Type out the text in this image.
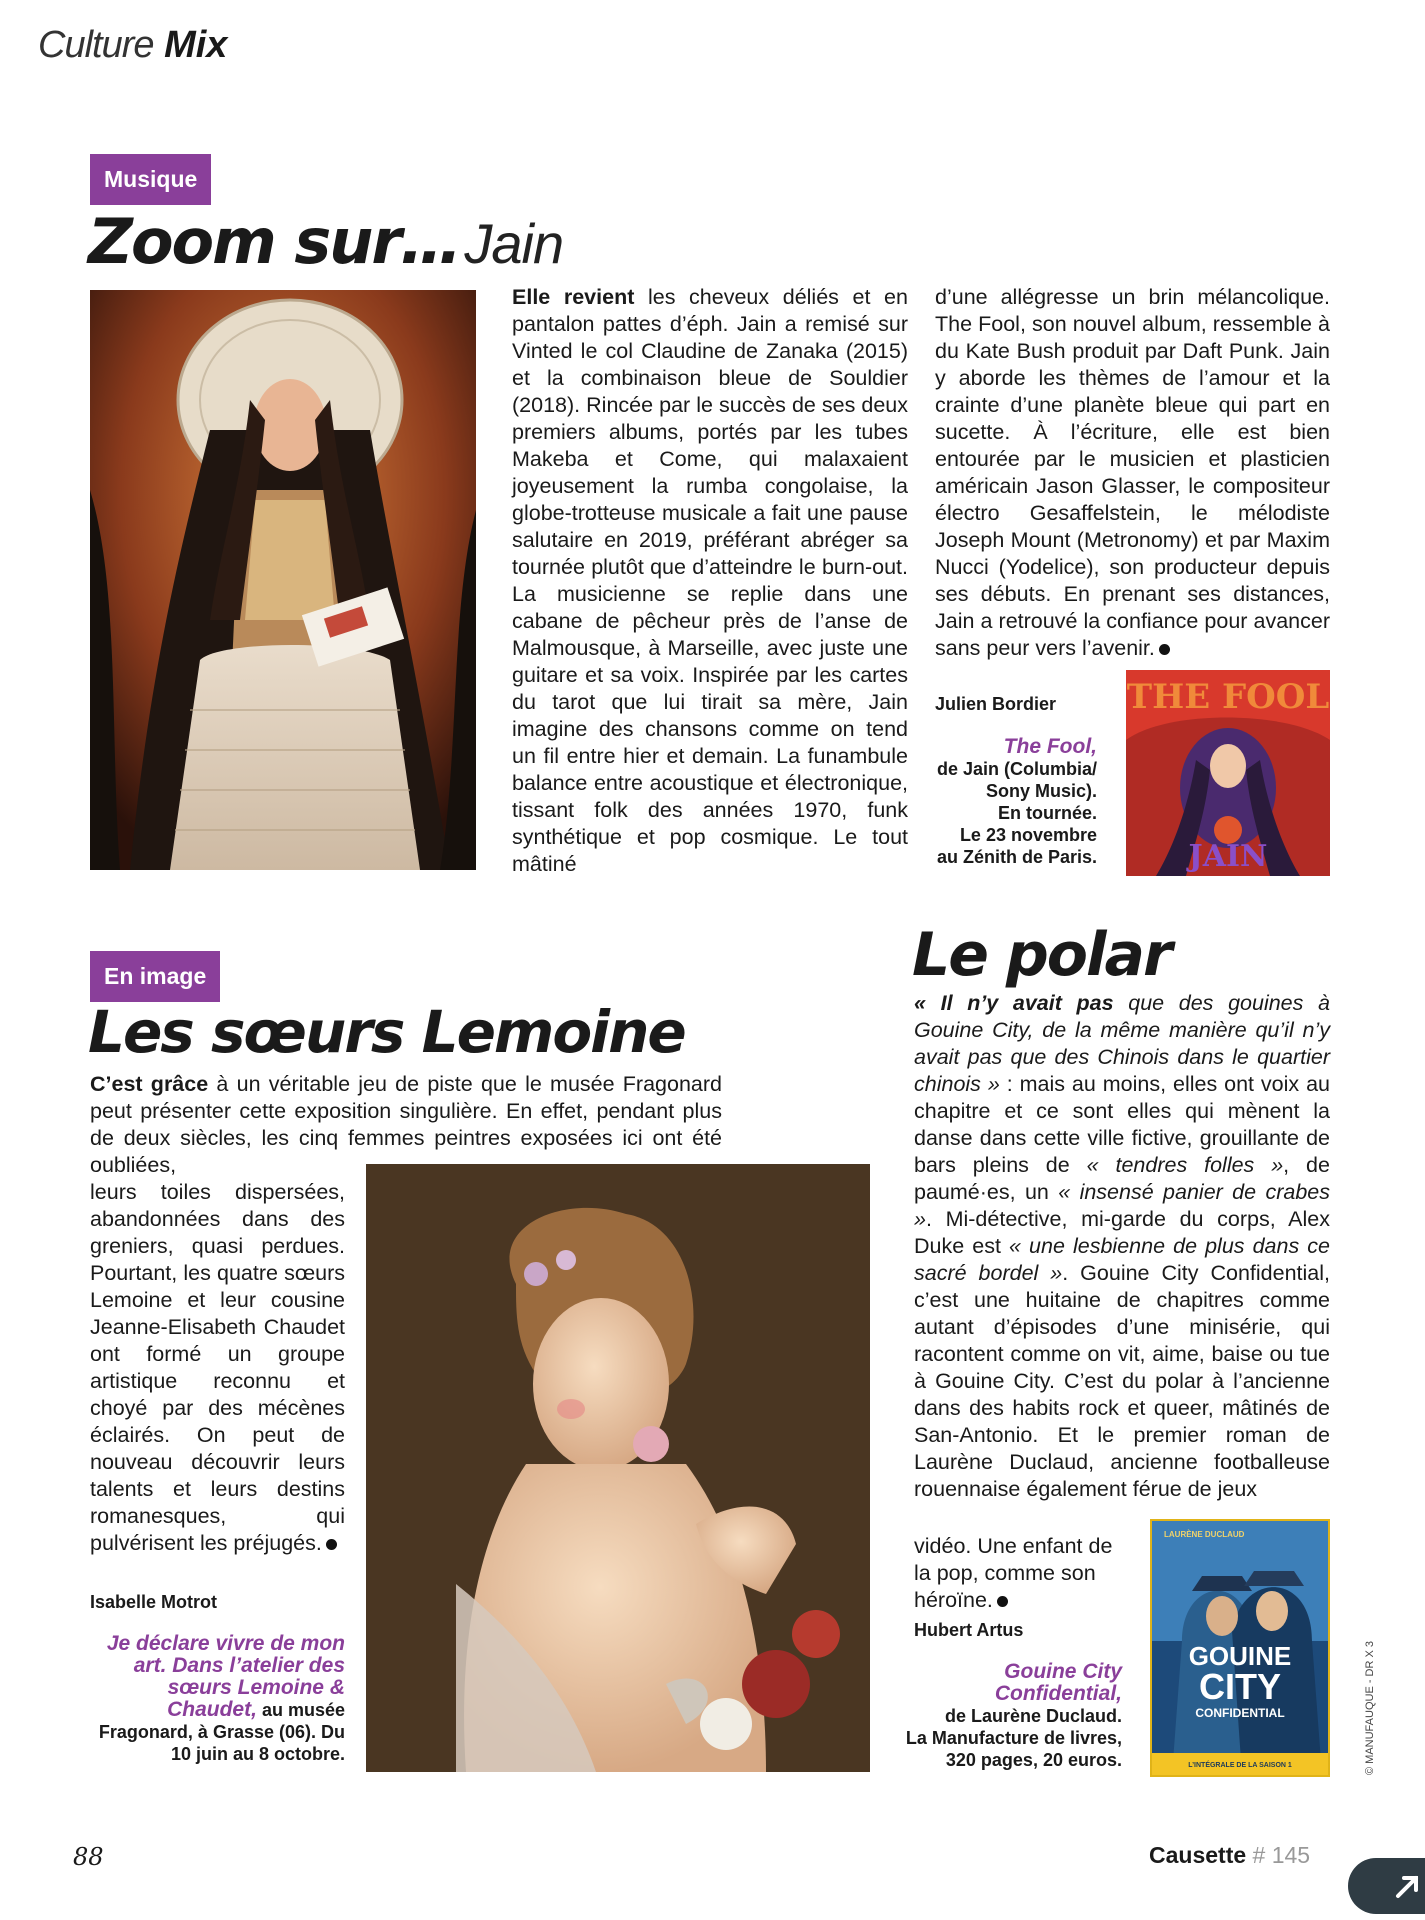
Culture Mix
Musique
Zoom sur… Jain
Elle revient les cheveux déliés et en pantalon pattes d’éph. Jain a remisé sur Vinted le col Claudine de Zanaka (2015) et la combinaison bleue de Souldier (2018). Rincée par le succès de ses deux premiers albums, portés par les tubes Makeba et Come, qui malaxaient joyeusement la rumba congolaise, la globe-trotteuse musicale a fait une pause salutaire en 2019, préférant abréger sa tournée plutôt que d’atteindre le burn-out. La musicienne se replie dans une cabane de pêcheur près de l’anse de Malmousque, à Marseille, avec juste une guitare et sa voix. Inspirée par les cartes du tarot que lui tirait sa mère, Jain imagine des chansons comme on tend un fil entre hier et demain. La funambule balance entre acoustique et électronique, tissant folk des années 1970, funk synthétique et pop cosmique. Le tout mâtiné
d’une allégresse un brin mélancolique. The Fool, son nouvel album, ressemble à du Kate Bush produit par Daft Punk. Jain y aborde les thèmes de l’amour et la crainte d’une planète bleue qui part en sucette. À l’écriture, elle est bien entourée par le musicien et plasticien américain Jason Glasser, le compositeur électro Gesaffelstein, le mélodiste Joseph Mount (Metronomy) et par Maxim Nucci (Yodelice), son producteur depuis ses débuts. En prenant ses distances, Jain a retrouvé la confiance pour avancer sans peur vers l’avenir.
Julien Bordier
The Fool,
de Jain (Columbia/
Sony Music).
En tournée.
Le 23 novembre
au Zénith de Paris.
THE FOOL
JAIN
En image
Les sœurs Lemoine
C’est grâce à un véritable jeu de piste que le musée Fragonard peut présenter cette exposition singulière. En effet, pendant plus de deux siècles, les cinq femmes peintres exposées ici ont été oubliées,
leurs toiles dispersées, abandonnées dans des greniers, quasi perdues. Pourtant, les quatre sœurs Lemoine et leur cousine Jeanne-Elisabeth Chaudet ont formé un groupe artistique reconnu et choyé par des mécènes éclairés. On peut de nouveau découvrir leurs talents et leurs destins romanesques, qui pulvérisent les préjugés.
Isabelle Motrot
Je déclare vivre de mon art. Dans l’atelier des sœurs Lemoine & Chaudet, au musée Fragonard, à Grasse (06). Du 10 juin au 8 octobre.
Le polar
« Il n’y avait pas que des gouines à Gouine City, de la même manière qu’il n’y avait pas que des Chinois dans le quartier chinois » : mais au moins, elles ont voix au chapitre et ce sont elles qui mènent la danse dans cette ville fictive, grouillante de bars pleins de « tendres folles », de paumé·es, un « insensé panier de crabes ». Mi-détective, mi-garde du corps, Alex Duke est « une lesbienne de plus dans ce sacré bordel ». Gouine City Confidential, c’est une huitaine de chapitres comme autant d’épisodes d’une minisérie, qui racontent comme on vit, aime, baise ou tue à Gouine City. C’est du polar à l’ancienne dans des habits rock et queer, mâtinés de San-Antonio. Et le premier roman de Laurène Duclaud, ancienne footballeuse rouennaise également férue de jeux
vidéo. Une enfant de la pop, comme son héroïne.
Hubert Artus
Gouine City Confidential,
de Laurène Duclaud.
La Manufacture de livres,
320 pages, 20 euros.
LAURÈNE DUCLAUD
GOUINE
CITY
CONFIDENTIAL
L’INTÉGRALE DE LA SAISON 1	© MANUFAUQUE - DR X 3
88	Causette # 145
